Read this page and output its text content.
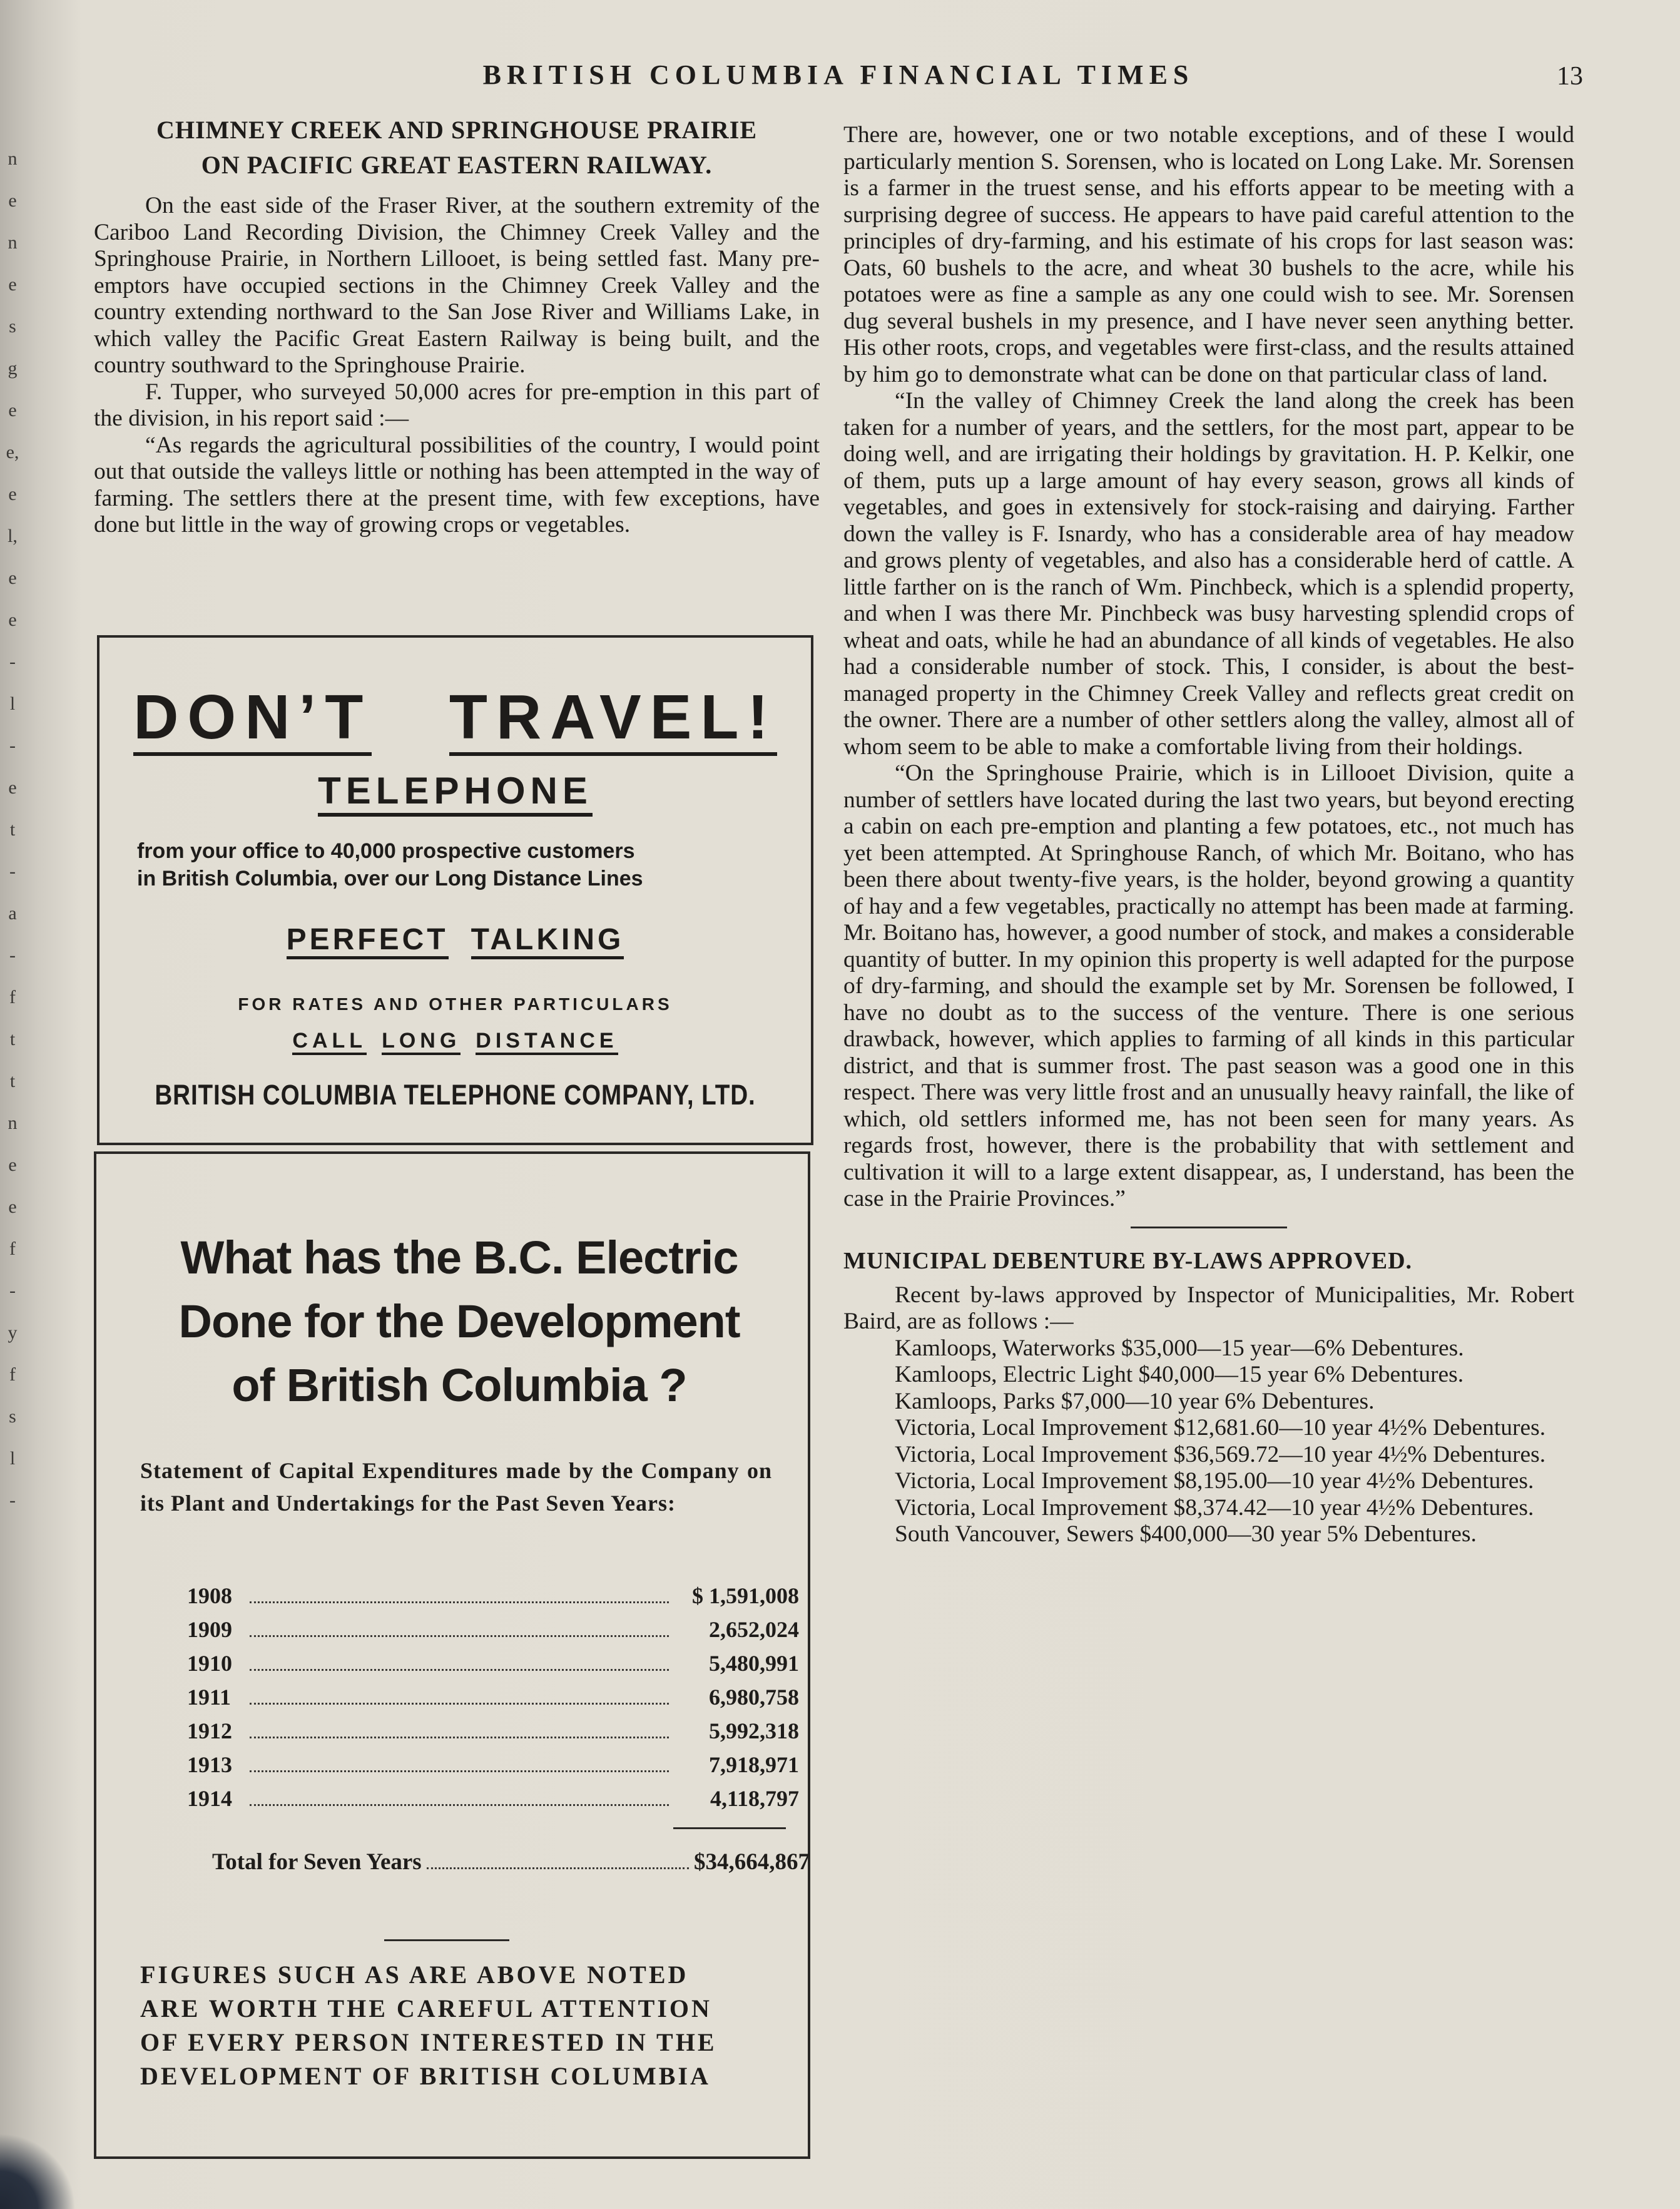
n
e
n
e
s
g
e
e,
e
l,
e
e
-
l
-
e
t
-
a
-
f
t
t
n
e
e
f
-
y
f
s
l
-
BRITISH COLUMBIA FINANCIAL TIMES	13

CHIMNEY CREEK AND SPRINGHOUSE PRAIRIE

ON PACIFIC GREAT EASTERN RAILWAY.

On the east side of the Fraser River, at the southern extremity of the Cariboo Land Recording Division, the Chimney Creek Valley and the Springhouse Prairie, in Northern Lillooet, is being settled fast. Many pre-emptors have occupied sections in the Chimney Creek Valley and the country extending northward to the San Jose River and Williams Lake, in which valley the Pacific Great Eastern Railway is being built, and the country southward to the Springhouse Prairie.

F. Tupper, who surveyed 50,000 acres for pre-emption in this part of the division, in his report said :—

“As regards the agricultural possibilities of the country, I would point out that outside the valleys little or nothing has been attempted in the way of farming. The settlers there at the present time, with few exceptions, have done but little in the way of growing crops or vegetables.

DON’T TRAVEL!
TELEPHONE
from your office to 40,000 prospective customers
in British Columbia, over our Long Distance Lines
PERFECT TALKING
FOR RATES AND OTHER PARTICULARS
CALL LONG DISTANCE
BRITISH COLUMBIA TELEPHONE COMPANY, LTD.
What has the B.C. Electric
Done for the Development
of British Columbia ?
Statement of Capital Expenditures made by the Company on its Plant and Undertakings for the Past Seven Years:
1908	$ 1,591,008
1909	2,652,024
1910	5,480,991
1911	6,980,758
1912	5,992,318
1913	7,918,971
1914	4,118,797
Total for Seven Years	$34,664,867
FIGURES SUCH AS ARE ABOVE NOTED
ARE WORTH THE CAREFUL ATTENTION
OF EVERY PERSON INTERESTED IN THE
DEVELOPMENT OF BRITISH COLUMBIA

There are, however, one or two notable exceptions, and of these I would particularly mention S. Sorensen, who is located on Long Lake. Mr. Sorensen is a farmer in the truest sense, and his efforts appear to be meeting with a surprising degree of success. He appears to have paid careful attention to the principles of dry-farming, and his estimate of his crops for last season was: Oats, 60 bushels to the acre, and wheat 30 bushels to the acre, while his potatoes were as fine a sample as any one could wish to see. Mr. Sorensen dug several bushels in my presence, and I have never seen anything better. His other roots, crops, and vegetables were first-class, and the results attained by him go to demonstrate what can be done on that particular class of land.

“In the valley of Chimney Creek the land along the creek has been taken for a number of years, and the settlers, for the most part, appear to be doing well, and are irrigating their holdings by gravitation. H. P. Kelkir, one of them, puts up a large amount of hay every season, grows all kinds of vegetables, and goes in extensively for stock-raising and dairying. Farther down the valley is F. Isnardy, who has a considerable area of hay meadow and grows plenty of vegetables, and also has a considerable herd of cattle. A little farther on is the ranch of Wm. Pinchbeck, which is a splendid property, and when I was there Mr. Pinchbeck was busy harvesting splendid crops of wheat and oats, while he had an abundance of all kinds of vegetables. He also had a considerable number of stock. This, I consider, is about the best-managed property in the Chimney Creek Valley and reflects great credit on the owner. There are a number of other settlers along the valley, almost all of whom seem to be able to make a comfortable living from their holdings.

“On the Springhouse Prairie, which is in Lillooet Division, quite a number of settlers have located during the last two years, but beyond erecting a cabin on each pre-emption and planting a few potatoes, etc., not much has yet been attempted. At Springhouse Ranch, of which Mr. Boitano, who has been there about twenty-five years, is the holder, beyond growing a quantity of hay and a few vegetables, practically no attempt has been made at farming. Mr. Boitano has, however, a good number of stock, and makes a considerable quantity of butter. In my opinion this property is well adapted for the purpose of dry-farming, and should the example set by Mr. Sorensen be followed, I have no doubt as to the success of the venture. There is one serious drawback, however, which applies to farming of all kinds in this particular district, and that is summer frost. The past season was a good one in this respect. There was very little frost and an unusually heavy rainfall, the like of which, old settlers informed me, has not been seen for many years. As regards frost, however, there is the probability that with settlement and cultivation it will to a large extent disappear, as, I understand, has been the case in the Prairie Provinces.”

MUNICIPAL DEBENTURE BY-LAWS APPROVED.

Recent by-laws approved by Inspector of Municipalities, Mr. Robert Baird, are as follows :—

Kamloops, Waterworks $35,000—15 year—6% Debentures.

Kamloops, Electric Light $40,000—15 year 6% Debentures.

Kamloops, Parks $7,000—10 year 6% Debentures.

Victoria, Local Improvement $12,681.60—10 year 4½% Debentures.

Victoria, Local Improvement $36,569.72—10 year 4½% Debentures.

Victoria, Local Improvement $8,195.00—10 year 4½% Debentures.

Victoria, Local Improvement $8,374.42—10 year 4½% Debentures.

South Vancouver, Sewers $400,000—30 year 5% Debentures.
